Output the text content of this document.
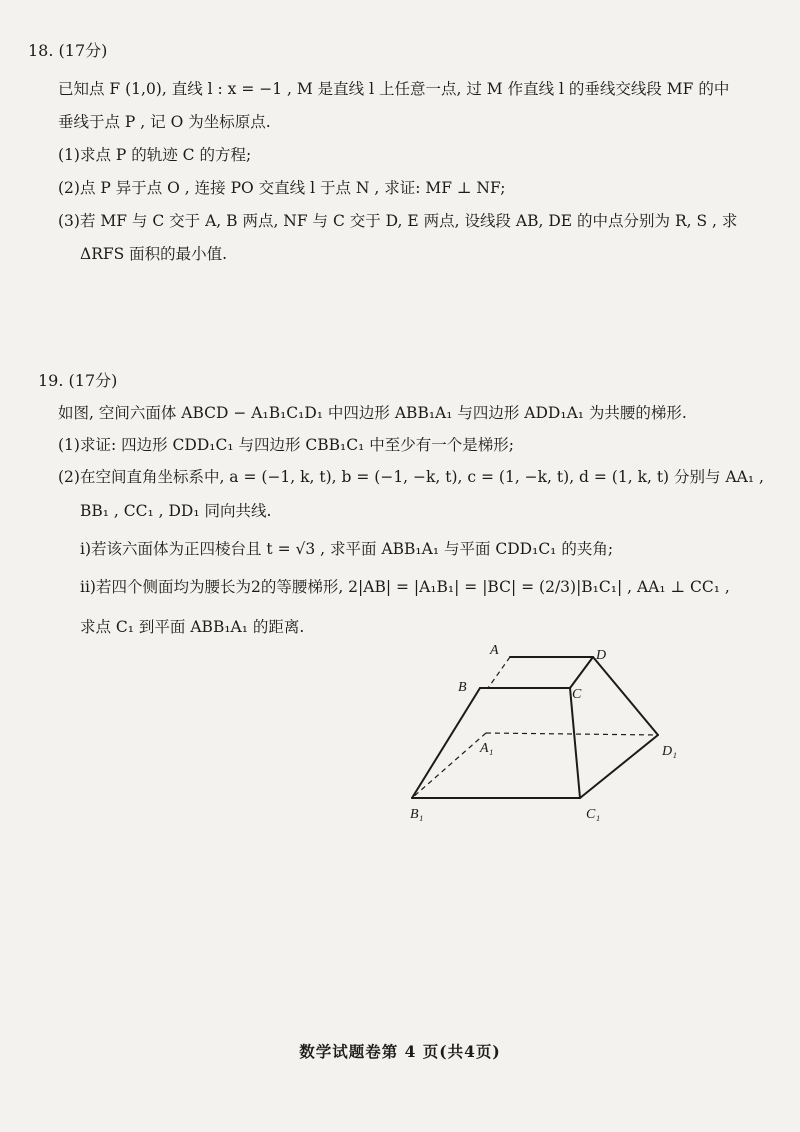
18. (17分)
已知点 F (1,0), 直线 l : x = −1 , M 是直线 l 上任意一点, 过 M 作直线 l 的垂线交线段 MF 的中
垂线于点 P , 记 O 为坐标原点.
(1)求点 P 的轨迹 C 的方程;
(2)点 P 异于点 O , 连接 PO 交直线 l 于点 N , 求证: MF ⊥ NF;
(3)若 MF 与 C 交于 A, B 两点, NF 与 C 交于 D, E 两点, 设线段 AB, DE 的中点分别为 R, S , 求
ΔRFS 面积的最小值.
19. (17分)
如图, 空间六面体 ABCD − A₁B₁C₁D₁ 中四边形 ABB₁A₁ 与四边形 ADD₁A₁ 为共腰的梯形.
(1)求证: 四边形 CDD₁C₁ 与四边形 CBB₁C₁ 中至少有一个是梯形;
(2)在空间直角坐标系中, a = (−1, k, t), b = (−1, −k, t), c = (1, −k, t), d = (1, k, t) 分别与 AA₁ ,
BB₁ , CC₁ , DD₁ 同向共线.
i)若该六面体为正四棱台且 t = √3 , 求平面 ABB₁A₁ 与平面 CDD₁C₁ 的夹角;
ii)若四个侧面均为腰长为2的等腰梯形, 2|AB| = |A₁B₁| = |BC| = (2/3)|B₁C₁| , AA₁ ⊥ CC₁ ,
求点 C₁ 到平面 ABB₁A₁ 的距离.
A	D
B	C
A₁	D₁
B₁	C₁
数学试题卷第 4 页(共4页)
